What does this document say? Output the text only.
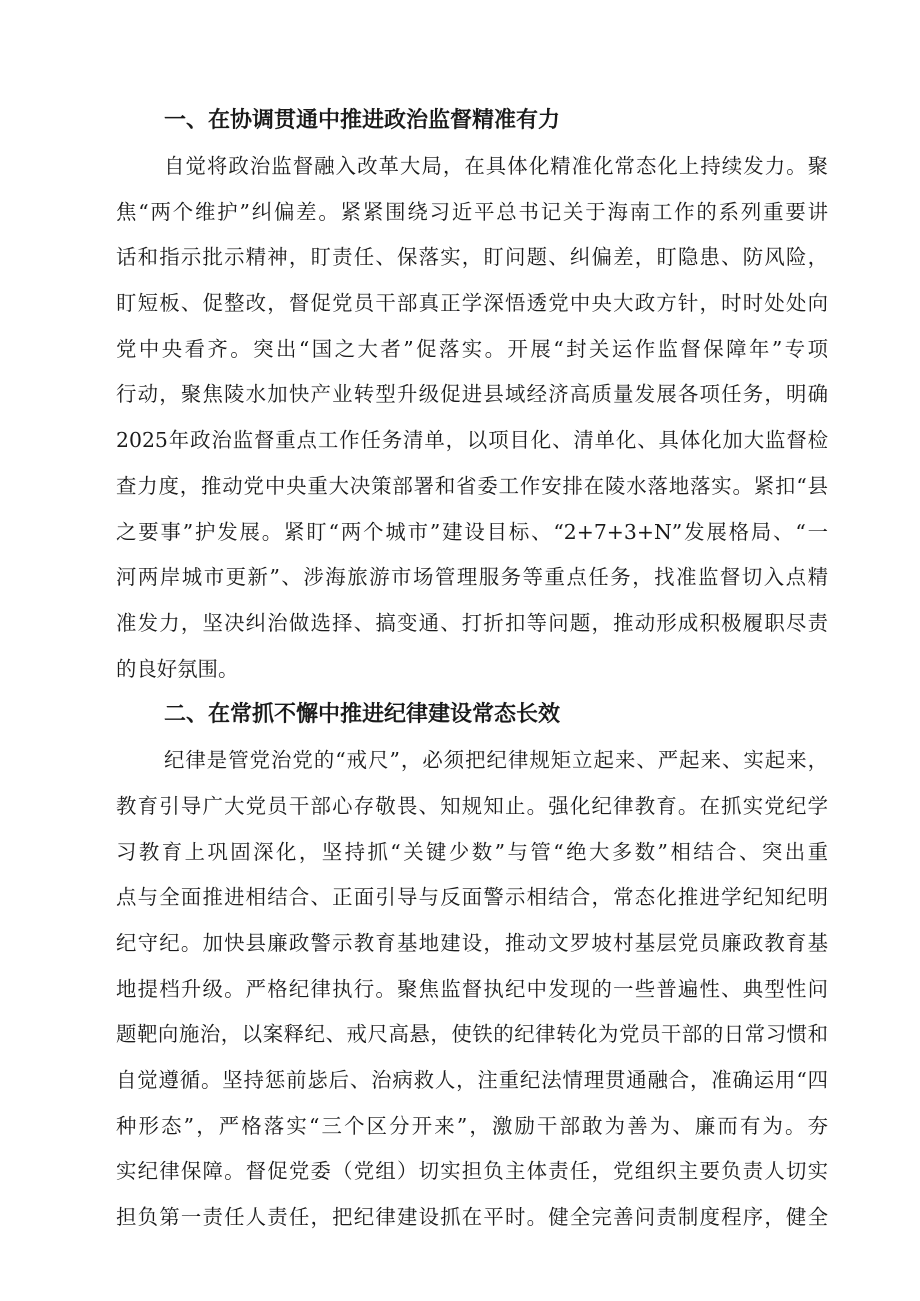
一、在协调贯通中推进政治监督精准有力
自觉将政治监督融入改革大局，在具体化精准化常态化上持续发力。聚
焦“两个维护”纠偏差。紧紧围绕习近平总书记关于海南工作的系列重要讲
话和指示批示精神，盯责任、保落实，盯问题、纠偏差，盯隐患、防风险，
盯短板、促整改，督促党员干部真正学深悟透党中央大政方针，时时处处向
党中央看齐。突出“国之大者”促落实。开展“封关运作监督保障年”专项
行动，聚焦陵水加快产业转型升级促进县域经济高质量发展各项任务，明确
2025年政治监督重点工作任务清单，以项目化、清单化、具体化加大监督检
查力度，推动党中央重大决策部署和省委工作安排在陵水落地落实。紧扣“县
之要事”护发展。紧盯“两个城市”建设目标、“2+7+3+N”发展格局、“一
河两岸城市更新”、涉海旅游市场管理服务等重点任务，找准监督切入点精
准发力，坚决纠治做选择、搞变通、打折扣等问题，推动形成积极履职尽责
的良好氛围。
二、在常抓不懈中推进纪律建设常态长效
纪律是管党治党的“戒尺”，必须把纪律规矩立起来、严起来、实起来，
教育引导广大党员干部心存敬畏、知规知止。强化纪律教育。在抓实党纪学
习教育上巩固深化，坚持抓“关键少数”与管“绝大多数”相结合、突出重
点与全面推进相结合、正面引导与反面警示相结合，常态化推进学纪知纪明
纪守纪。加快县廉政警示教育基地建设，推动文罗坡村基层党员廉政教育基
地提档升级。严格纪律执行。聚焦监督执纪中发现的一些普遍性、典型性问
题靶向施治，以案释纪、戒尺高悬，使铁的纪律转化为党员干部的日常习惯和
自觉遵循。坚持惩前毖后、治病救人，注重纪法情理贯通融合，准确运用“四
种形态”，严格落实“三个区分开来”，激励干部敢为善为、廉而有为。夯
实纪律保障。督促党委（党组）切实担负主体责任，党组织主要负责人切实
担负第一责任人责任，把纪律建设抓在平时。健全完善问责制度程序，健全
